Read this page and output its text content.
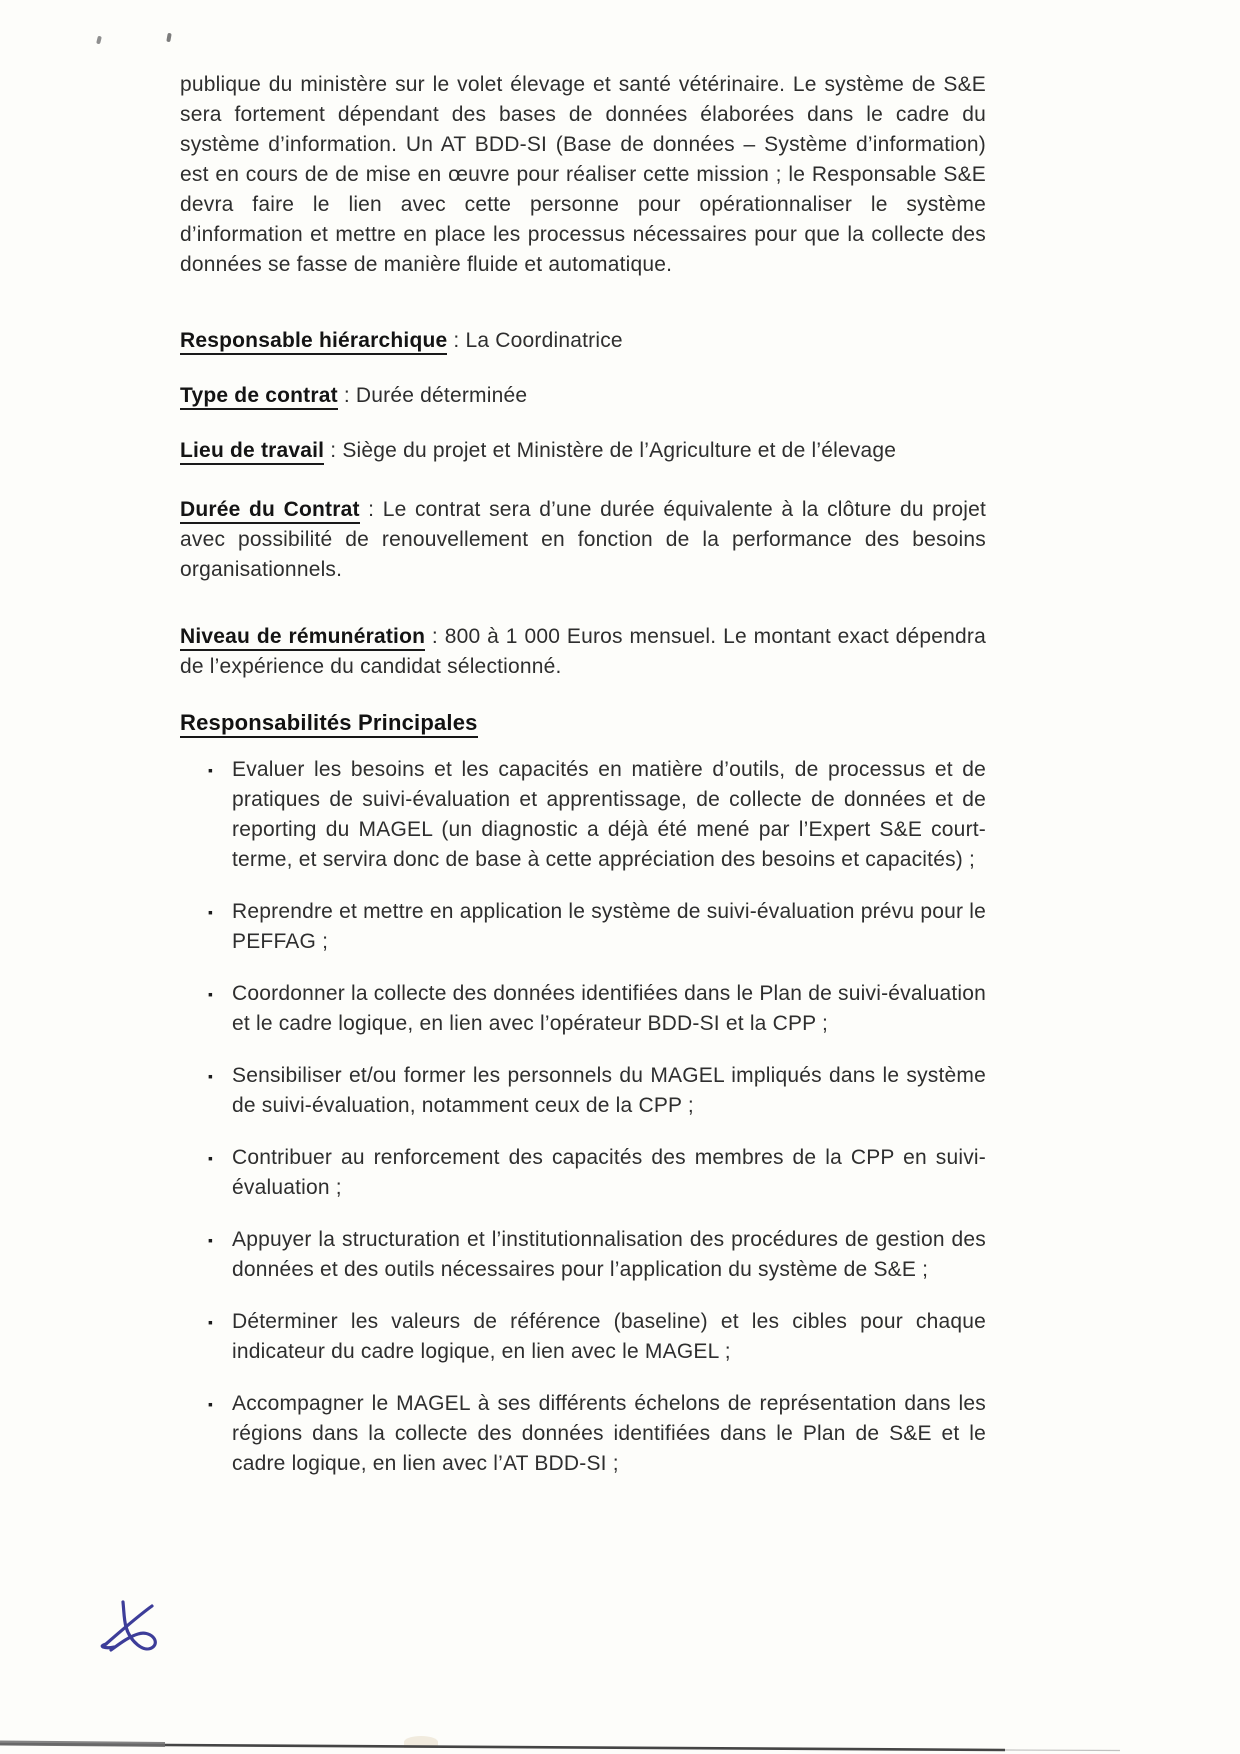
publique du ministère sur le volet élevage et santé vétérinaire. Le système de S&E sera fortement dépendant des bases de données élaborées dans le cadre du système d’information. Un AT BDD-SI (Base de données – Système d’information) est en cours de de mise en œuvre pour réaliser cette mission ; le Responsable S&E devra faire le lien avec cette personne pour opérationnaliser le système d’information et mettre en place les processus nécessaires pour que la collecte des données se fasse de manière fluide et automatique.

Responsable hiérarchique : La Coordinatrice

Type de contrat : Durée déterminée

Lieu de travail : Siège du projet et Ministère de l’Agriculture et de l’élevage

Durée du Contrat : Le contrat sera d’une durée équivalente à la clôture du projet avec possibilité de renouvellement en fonction de la performance des besoins organisationnels.

Niveau de rémunération : 800 à 1 000 Euros mensuel. Le montant exact dépendra de l’expérience du candidat sélectionné.

Responsabilités Principales
▪ Evaluer les besoins et les capacités en matière d’outils, de processus et de pratiques de suivi-évaluation et apprentissage, de collecte de données et de reporting du MAGEL (un diagnostic a déjà été mené par l’Expert S&E court-terme, et servira donc de base à cette appréciation des besoins et capacités) ;
▪ Reprendre et mettre en application le système de suivi-évaluation prévu pour le PEFFAG ;
▪ Coordonner la collecte des données identifiées dans le Plan de suivi-évaluation et le cadre logique, en lien avec l’opérateur BDD-SI et la CPP ;
▪ Sensibiliser et/ou former les personnels du MAGEL impliqués dans le système de suivi-évaluation, notamment ceux de la CPP ;
▪ Contribuer au renforcement des capacités des membres de la CPP en suivi-évaluation ;
▪ Appuyer la structuration et l’institutionnalisation des procédures de gestion des données et des outils nécessaires pour l’application du système de S&E ;
▪ Déterminer les valeurs de référence (baseline) et les cibles pour chaque indicateur du cadre logique, en lien avec le MAGEL ;
▪ Accompagner le MAGEL à ses différents échelons de représentation dans les régions dans la collecte des données identifiées dans le Plan de S&E et le cadre logique, en lien avec l’AT BDD-SI ;
